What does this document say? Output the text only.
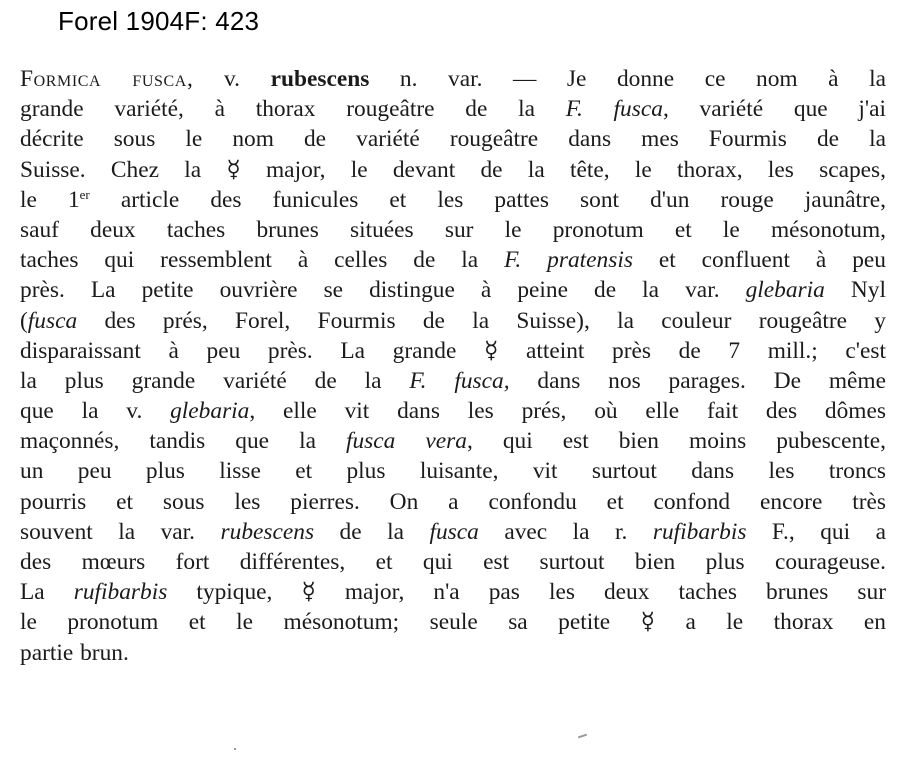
Forel 1904F: 423
Formica fusca, v. rubescens n. var. — Je donne ce nom à la
grande variété, à thorax rougeâtre de la F. fusca, variété que j'ai
décrite sous le nom de variété rougeâtre dans mes Fourmis de la
Suisse. Chez la ☿ major, le devant de la tête, le thorax, les scapes,
le 1er article des funicules et les pattes sont d'un rouge jaunâtre,
sauf deux taches brunes situées sur le pronotum et le mésonotum,
taches qui ressemblent à celles de la F. pratensis et confluent à peu
près. La petite ouvrière se distingue à peine de la var. glebaria Nyl
(fusca des prés, Forel, Fourmis de la Suisse), la couleur rougeâtre y
disparaissant à peu près. La grande ☿ atteint près de 7 mill.; c'est
la plus grande variété de la F. fusca, dans nos parages. De même
que la v. glebaria, elle vit dans les prés, où elle fait des dômes
maçonnés, tandis que la fusca vera, qui est bien moins pubescente,
un peu plus lisse et plus luisante, vit surtout dans les troncs
pourris et sous les pierres. On a confondu et confond encore très
souvent la var. rubescens de la fusca avec la r. rufibarbis F., qui a
des mœurs fort différentes, et qui est surtout bien plus courageuse.
La rufibarbis typique, ☿ major, n'a pas les deux taches brunes sur
le pronotum et le mésonotum; seule sa petite ☿ a le thorax en
partie brun.
